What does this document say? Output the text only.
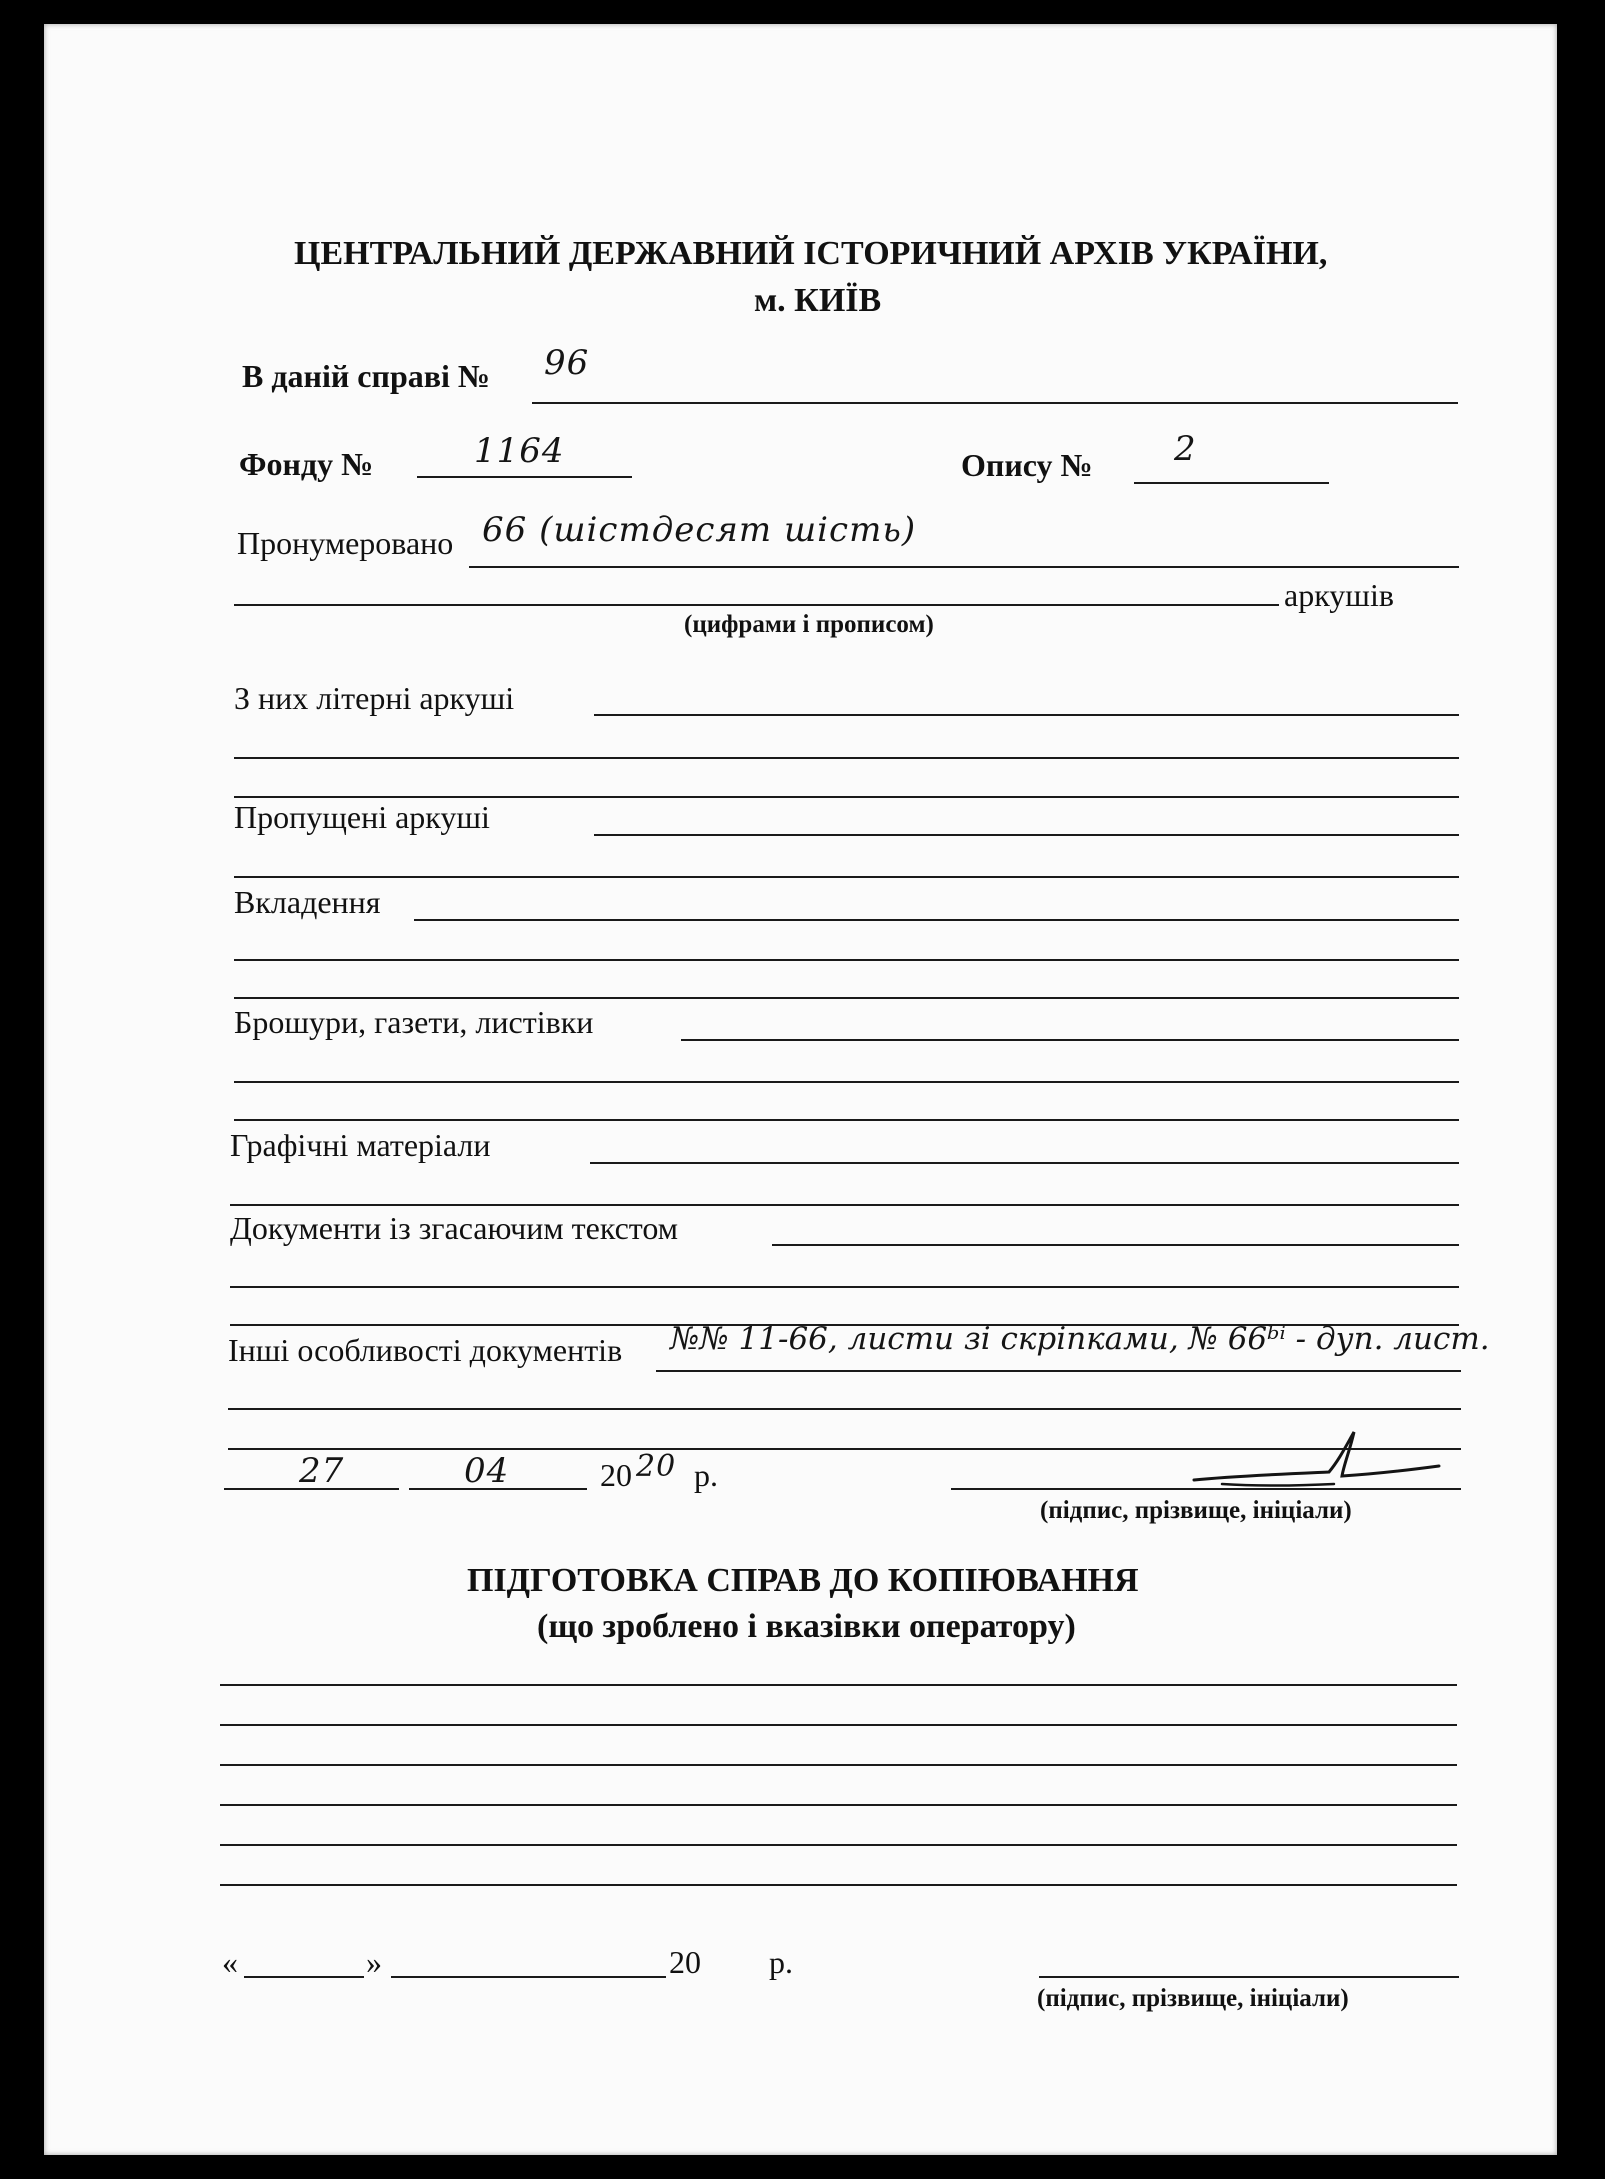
ЦЕНТРАЛЬНИЙ ДЕРЖАВНИЙ ІСТОРИЧНИЙ АРХІВ УКРАЇНИ,
м. КИЇВ
В даній справі № 96
Фонду №	1164	Опису № 2
Пронумеровано 66 (шістдесят шість)
аркушів
(цифрами і прописом)
З них літерні аркуші
Пропущені аркуші
Вкладення
Брошури, газети, листівки
Графічні матеріали
Документи із згасаючим текстом
Інші особливості документів №№ 11-66, листи зі скріпками, № 66ᵇⁱ - дуп. лист.
27	04	20 20 р.
(підпис, прізвище, ініціали)
ПІДГОТОВКА СПРАВ ДО КОПІЮВАННЯ
(що зроблено і вказівки оператору)
«	»	20 р.
(підпис, прізвище, ініціали)
